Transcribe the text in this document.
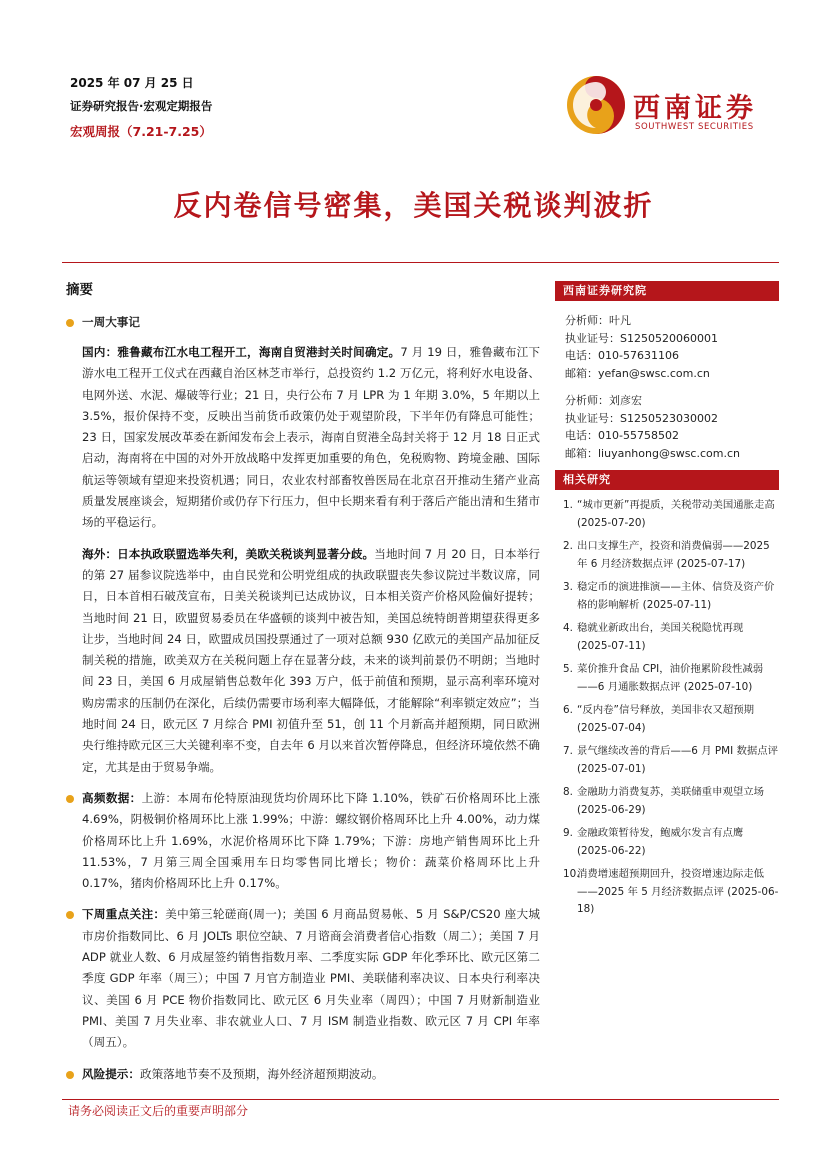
2025 年 07 月 25 日
证券研究报告·宏观定期报告
宏观周报（7.21-7.25）
西南证券
SOUTHWEST SECURITIES
反内卷信号密集，美国关税谈判波折
摘要
一周大事记

国内：雅鲁藏布江水电工程开工，海南自贸港封关时间确定。7 月 19 日，雅鲁藏布江下游水电工程开工仪式在西藏自治区林芝市举行，总投资约 1.2 万亿元，将利好水电设备、电网外送、水泥、爆破等行业；21 日，央行公布 7 月 LPR 为 1 年期 3.0%，5 年期以上 3.5%，报价保持不变，反映出当前货币政策仍处于观望阶段，下半年仍有降息可能性；23 日，国家发展改革委在新闻发布会上表示，海南自贸港全岛封关将于 12 月 18 日正式启动，海南将在中国的对外开放战略中发挥更加重要的角色，免税购物、跨境金融、国际航运等领域有望迎来投资机遇；同日，农业农村部畜牧兽医局在北京召开推动生猪产业高质量发展座谈会，短期猪价或仍存下行压力，但中长期来看有利于落后产能出清和生猪市场的平稳运行。

海外：日本执政联盟选举失利，美欧关税谈判显著分歧。当地时间 7 月 20 日，日本举行的第 27 届参议院选举中，由自民党和公明党组成的执政联盟丧失参议院过半数议席，同日，日本首相石破茂宣布，日美关税谈判已达成协议，日本相关资产价格风险偏好提转；当地时间 21 日，欧盟贸易委员在华盛顿的谈判中被告知，美国总统特朗普期望获得更多让步，当地时间 24 日，欧盟成员国投票通过了一项对总额 930 亿欧元的美国产品加征反制关税的措施，欧美双方在关税问题上存在显著分歧，未来的谈判前景仍不明朗；当地时间 23 日，美国 6 月成屋销售总数年化 393 万户，低于前值和预期，显示高利率环境对购房需求的压制仍在深化，后续仍需要市场利率大幅降低，才能解除“利率锁定效应”；当地时间 24 日，欧元区 7 月综合 PMI 初值升至 51，创 11 个月新高并超预期，同日欧洲央行维持欧元区三大关键利率不变，自去年 6 月以来首次暂停降息，但经济环境依然不确定，尤其是由于贸易争端。

高频数据：上游：本周布伦特原油现货均价周环比下降 1.10%，铁矿石价格周环比上涨 4.69%，阴极铜价格周环比上涨 1.99%；中游：螺纹钢价格周环比上升 4.00%，动力煤价格周环比上升 1.69%，水泥价格周环比下降 1.79%；下游：房地产销售周环比上升 11.53%，7 月第三周全国乘用车日均零售同比增长；物价：蔬菜价格周环比上升 0.17%，猪肉价格周环比上升 0.17%。

下周重点关注：美中第三轮磋商(周一)；美国 6 月商品贸易帐、5 月 S&P/CS20 座大城市房价指数同比、6 月 JOLTs 职位空缺、7 月谘商会消费者信心指数（周二）；美国 7 月 ADP 就业人数、6 月成屋签约销售指数月率、二季度实际 GDP 年化季环比、欧元区第二季度 GDP 年率（周三）；中国 7 月官方制造业 PMI、美联储利率决议、日本央行利率决议、美国 6 月 PCE 物价指数同比、欧元区 6 月失业率（周四）；中国 7 月财新制造业 PMI、美国 7 月失业率、非农就业人口、7 月 ISM 制造业指数、欧元区 7 月 CPI 年率（周五）。

风险提示：政策落地节奏不及预期，海外经济超预期波动。

西南证券研究院
分析师：叶凡
执业证号：S1250520060001
电话：010-57631106
邮箱：yefan@swsc.com.cn
分析师：刘彦宏
执业证号：S1250523030002
电话：010-55758502
邮箱：liuyanhong@swsc.com.cn
相关研究
1. “城市更新”再提质，关税带动美国通胀走高 (2025-07-20)
2. 出口支撑生产，投资和消费偏弱——2025 年 6 月经济数据点评 (2025-07-17)
3. 稳定币的演进推演——主体、信贷及资产价格的影响解析 (2025-07-11)
4. 稳就业新政出台，美国关税隐忧再现 (2025-07-11)
5. 菜价推升食品 CPI，油价拖累阶段性减弱——6 月通胀数据点评 (2025-07-10)
6. “反内卷”信号释放，美国非农又超预期 (2025-07-04)
7. 景气继续改善的背后——6 月 PMI 数据点评 (2025-07-01)
8. 金融助力消费复苏，美联储重申观望立场 (2025-06-29)
9. 金融政策暂待发，鲍威尔发言有点鹰 (2025-06-22)
10.
消费增速超预期回升，投资增速边际走低——2025 年 5 月经济数据点评 (2025-06-18)
请务必阅读正文后的重要声明部分
